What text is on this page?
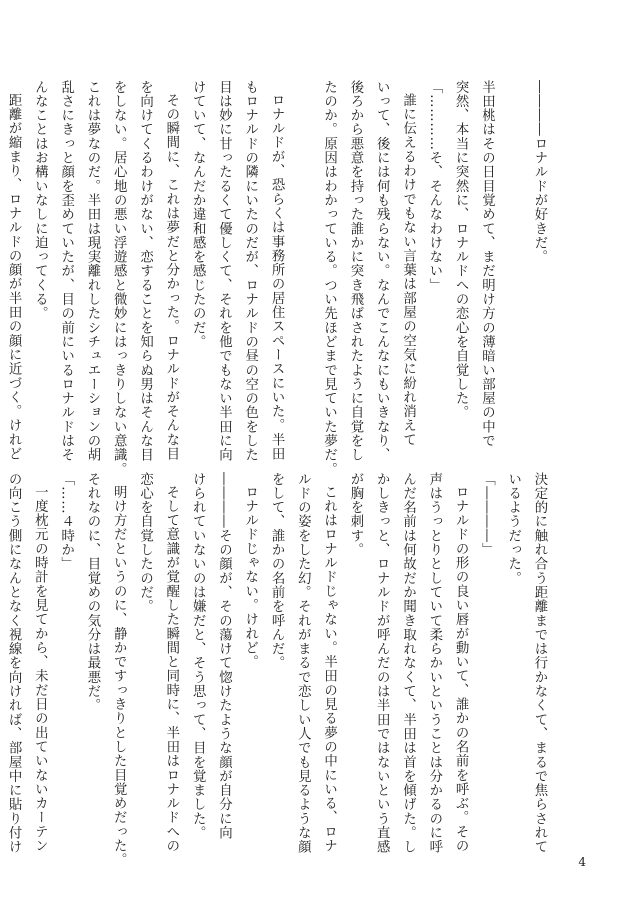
――――ロナルドが好きだ。

半田桃はその日目覚めて、まだ明け方の薄暗い部屋の中で

突然、本当に突然に、ロナルドへの恋心を自覚した。

「…………そ、そんなわけない」

誰に伝えるわけでもない言葉は部屋の空気に紛れ消えて

いって、後には何も残らない。なんでこんなにもいきなり、

後ろから悪意を持った誰かに突き飛ばされたように自覚をし

たのか。原因はわかっている。つい先ほどまで見ていた夢だ。

ロナルドが、恐らくは事務所の居住スペースにいた。半田

もロナルドの隣にいたのだが、ロナルドの昼の空の色をした

目は妙に甘ったるくて優しくて、それを他でもない半田に向

けていて、なんだか違和感を感じたのだ。

その瞬間に、これは夢だと分かった。ロナルドがそんな目

を向けてくるわけがない、恋することを知らぬ男はそんな目

をしない。居心地の悪い浮遊感と微妙にはっきりしない意識。

これは夢なのだ。半田は現実離れしたシチュエーションの胡

乱さにきっと顔を歪めていたが、目の前にいるロナルドはそ

んなことはお構いなしに迫ってくる。

距離が縮まり、ロナルドの顔が半田の顔に近づく。けれど

決定的に触れ合う距離までは行かなくて、まるで焦らされて

いるようだった。

「――――」

ロナルドの形の良い唇が動いて、誰かの名前を呼ぶ。その

声はうっとりとしていて柔らかいということは分かるのに呼

んだ名前は何故だか聞き取れなくて、半田は首を傾げた。し

かしきっと、ロナルドが呼んだのは半田ではないという直感

が胸を刺す。

これはロナルドじゃない。半田の見る夢の中にいる、ロナ

ルドの姿をした幻。それがまるで恋しい人でも見るような顔

をして、誰かの名前を呼んだ。

ロナルドじゃない。けれど。

――――その顔が、その蕩けて惚けたような顔が自分に向

けられていないのは嫌だと、そう思って、目を覚ました。

そして意識が覚醒した瞬間と同時に、半田はロナルドへの

恋心を自覚したのだ。

明け方だというのに、静かですっきりとした目覚めだった。

それなのに、目覚めの気分は最悪だ。

「……４時か」

一度枕元の時計を見てから、未だ日の出ていないカーテン

の向こう側になんとなく視線を向ければ、部屋中に貼り付け

4
